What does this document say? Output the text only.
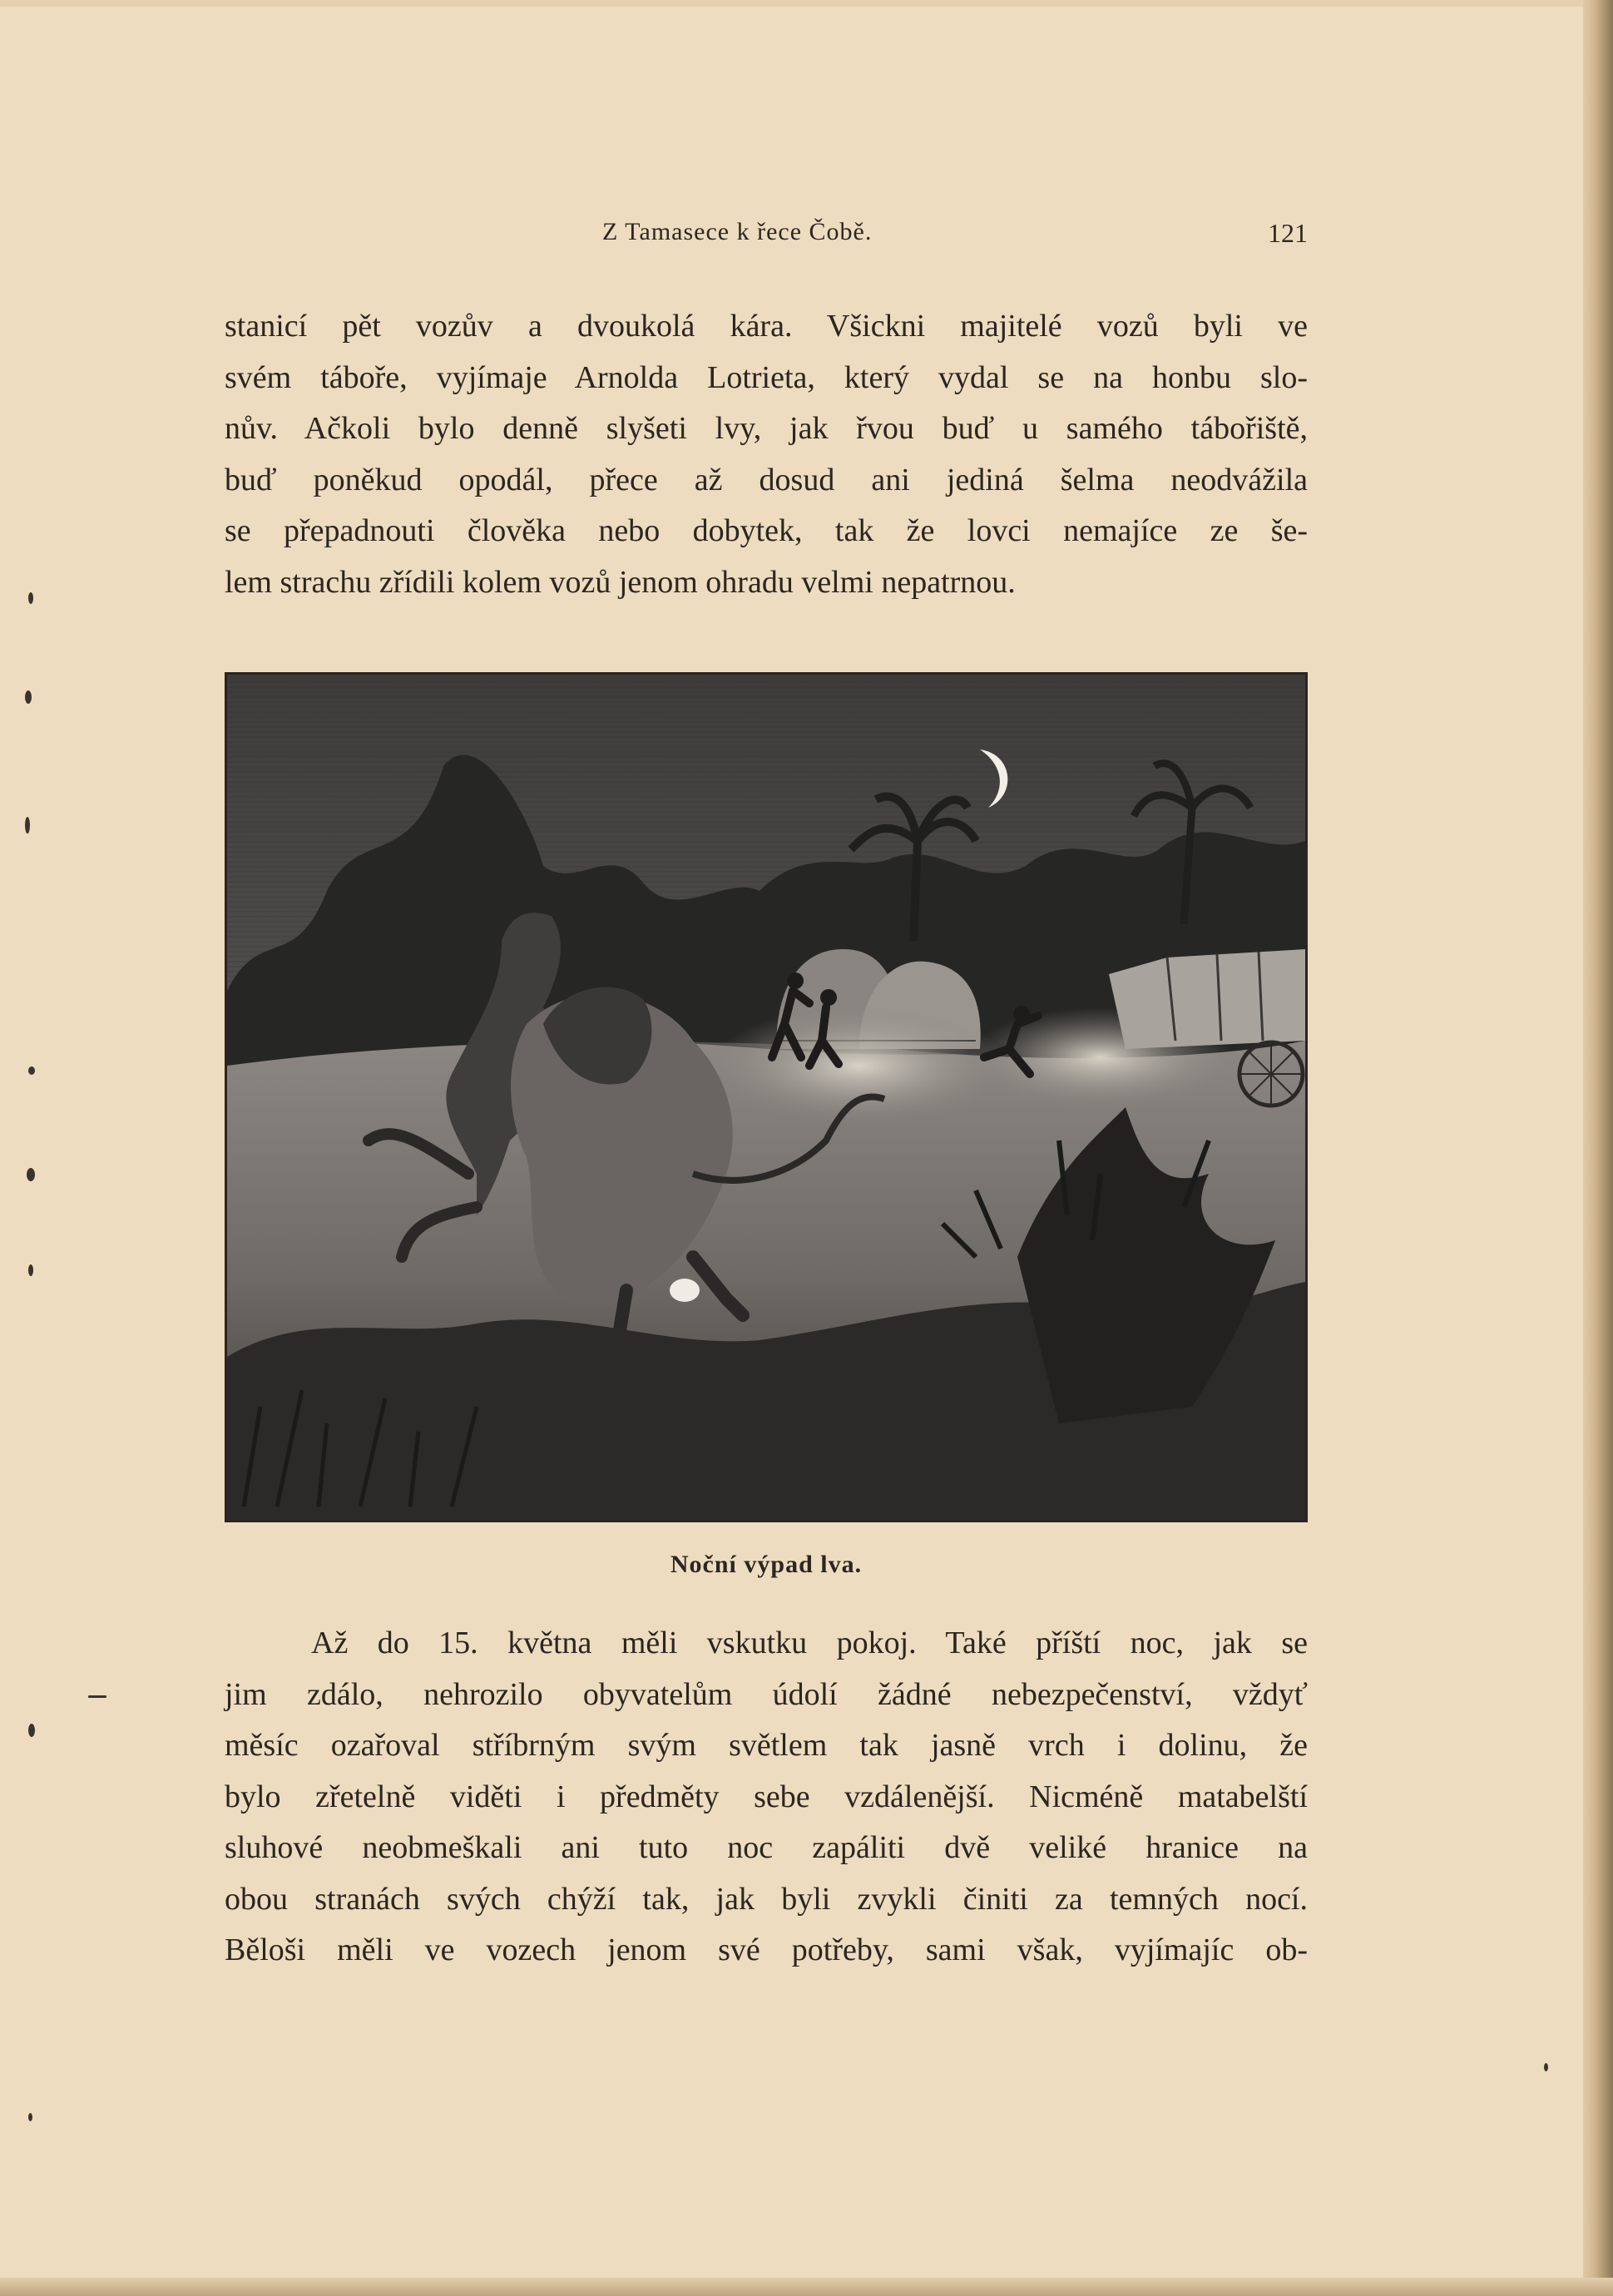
Z Tamasece k řece Čobě.	121
stanicí pět vozův a dvoukolá kára. Všickni majitelé vozů byli ve
svém táboře, vyjímaje Arnolda Lotrieta, který vydal se na honbu slo-
nův. Ačkoli bylo denně slyšeti lvy, jak řvou buď u samého tábořiště,
buď poněkud opodál, přece až dosud ani jediná šelma neodvážila
se přepadnouti člověka nebo dobytek, tak že lovci nemajíce ze še-
lem strachu zřídili kolem vozů jenom ohradu velmi nepatrnou.
Noční výpad lva.
Až do 15. května měli vskutku pokoj. Také příští noc, jak se
jim zdálo, nehrozilo obyvatelům údolí žádné nebezpečenství, vždyť
měsíc ozařoval stříbrným svým světlem tak jasně vrch i dolinu, že
bylo zřetelně viděti i předměty sebe vzdálenější. Nicméně matabelští
sluhové neobmeškali ani tuto noc zapáliti dvě veliké hranice na
obou stranách svých chýží tak, jak byli zvykli činiti za temných nocí.
Běloši měli ve vozech jenom své potřeby, sami však, vyjímajíc ob-
